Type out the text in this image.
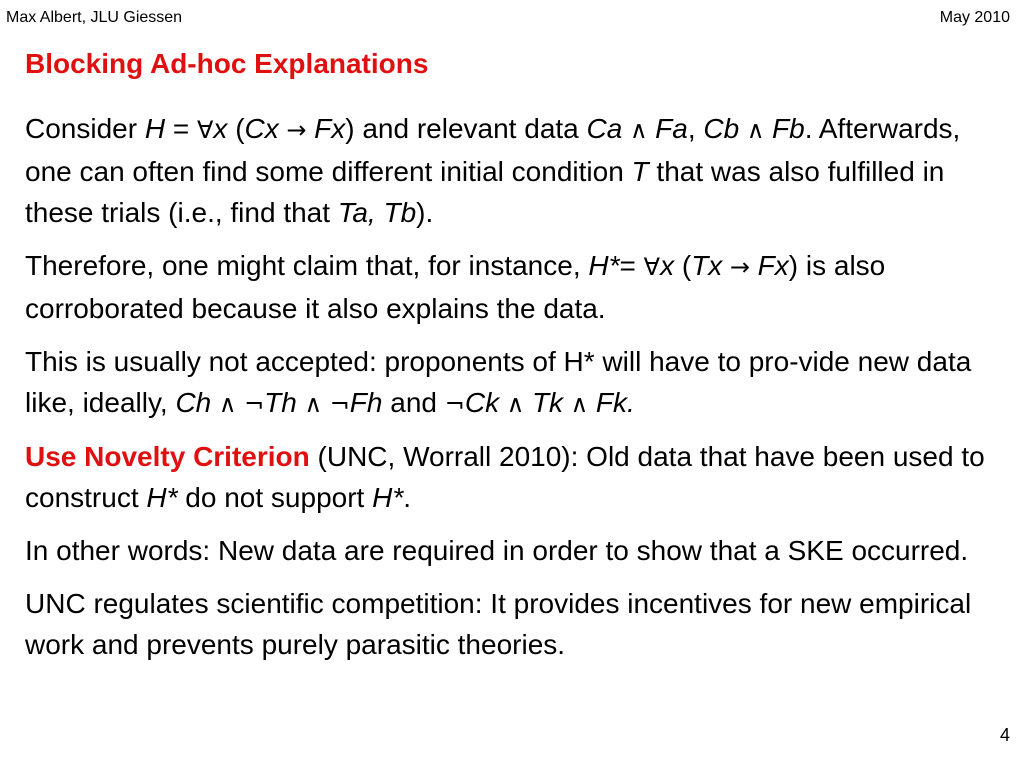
Max Albert, JLU Giessen	May 2010
Blocking Ad-hoc Explanations

Consider H = ∀x (Cx → Fx) and relevant data Ca ∧ Fa, Cb ∧ Fb. Afterwards, one can often find some different initial condition T that was also fulfilled in these trials (i.e., find that Ta, Tb).

Therefore, one might claim that, for instance, H*= ∀x (Tx → Fx) is also corroborated because it also explains the data.

This is usually not accepted: proponents of H* will have to pro-vide new data like, ideally, Ch ∧ ¬Th ∧ ¬Fh and ¬Ck ∧ Tk ∧ Fk.

Use Novelty Criterion (UNC, Worrall 2010): Old data that have been used to construct H* do not support H*.

In other words: New data are required in order to show that a SKE occurred.

UNC regulates scientific competition: It provides incentives for new empirical work and prevents purely parasitic theories.

4
